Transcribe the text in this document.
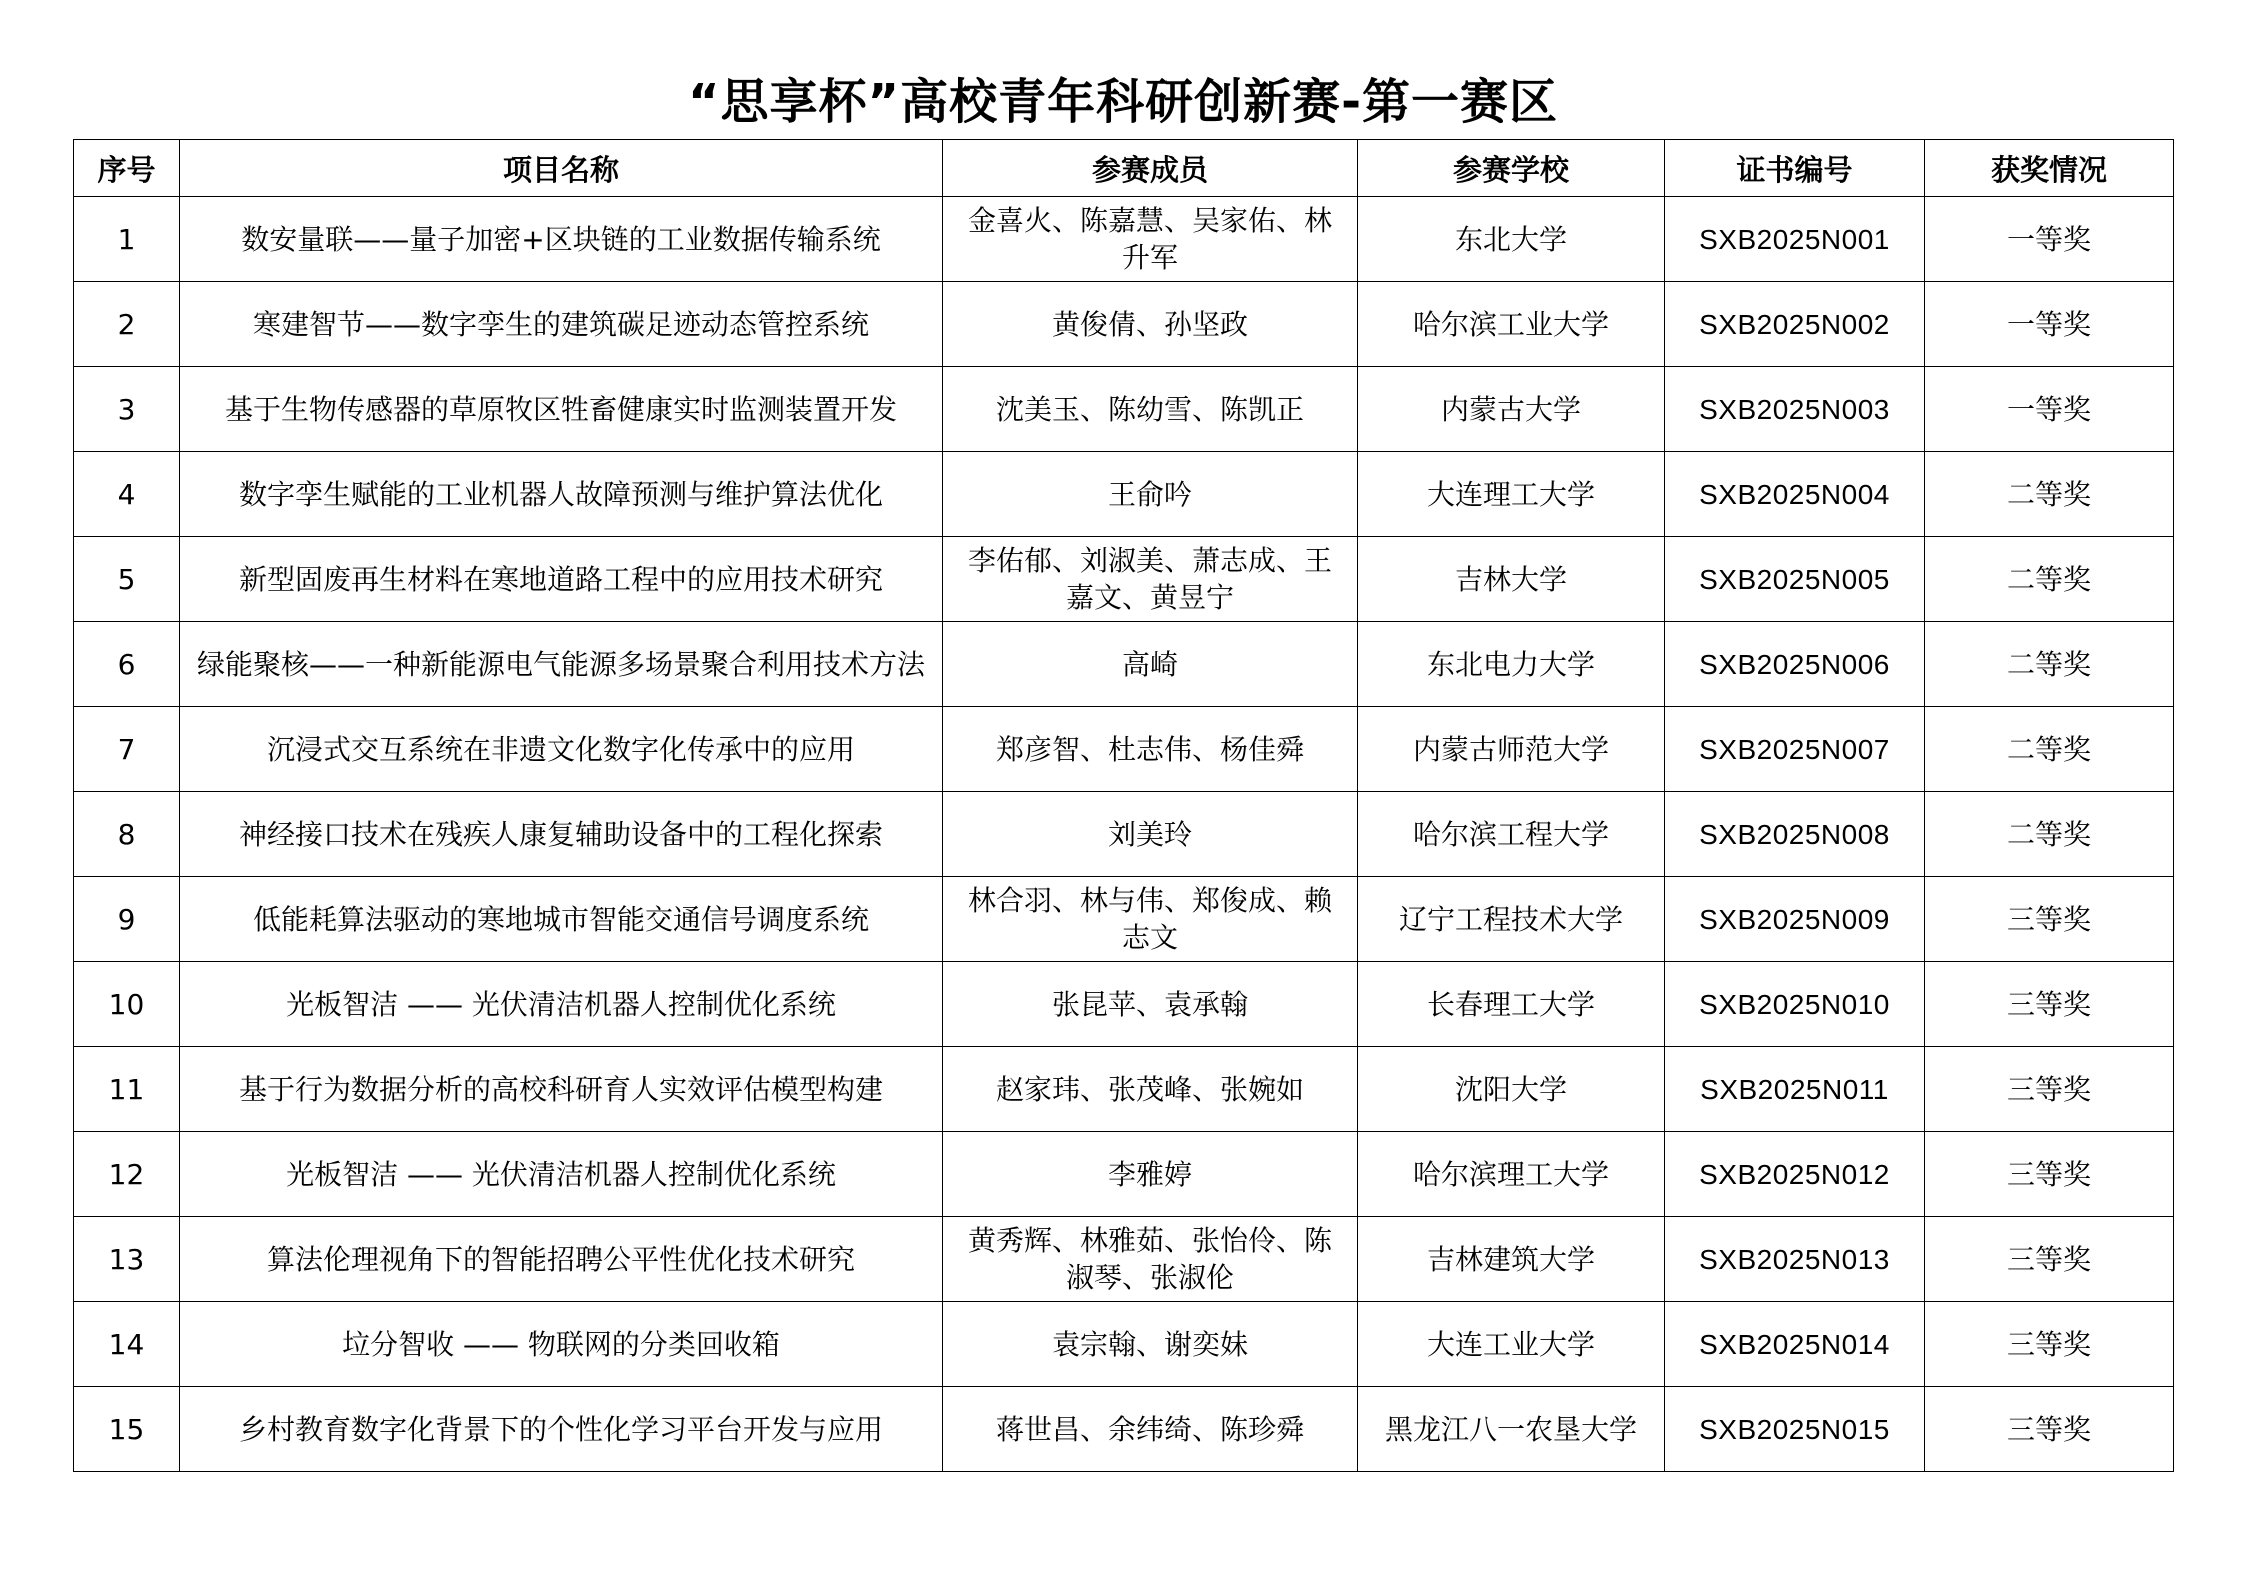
“思享杯”高校青年科研创新赛-第一赛区
序号	项目名称	参赛成员	参赛学校	证书编号	获奖情况
1	数安量联——量子加密+区块链的工业数据传输系统	金喜火、陈嘉慧、吴家佑、林升军	东北大学	SXB2025N001	一等奖
2	寒建智节——数字孪生的建筑碳足迹动态管控系统	黄俊倩、孙坚政	哈尔滨工业大学	SXB2025N002	一等奖
3	基于生物传感器的草原牧区牲畜健康实时监测装置开发	沈美玉、陈幼雪、陈凯正	内蒙古大学	SXB2025N003	一等奖
4	数字孪生赋能的工业机器人故障预测与维护算法优化	王俞吟	大连理工大学	SXB2025N004	二等奖
5	新型固废再生材料在寒地道路工程中的应用技术研究	李佑郁、刘淑美、萧志成、王嘉文、黄昱宁	吉林大学	SXB2025N005	二等奖
6	绿能聚核——一种新能源电气能源多场景聚合利用技术方法	高崎	东北电力大学	SXB2025N006	二等奖
7	沉浸式交互系统在非遗文化数字化传承中的应用	郑彦智、杜志伟、杨佳舜	内蒙古师范大学	SXB2025N007	二等奖
8	神经接口技术在残疾人康复辅助设备中的工程化探索	刘美玲	哈尔滨工程大学	SXB2025N008	二等奖
9	低能耗算法驱动的寒地城市智能交通信号调度系统	林合羽、林与伟、郑俊成、赖志文	辽宁工程技术大学	SXB2025N009	三等奖
10	光板智洁 —— 光伏清洁机器人控制优化系统	张昆苹、袁承翰	长春理工大学	SXB2025N010	三等奖
11	基于行为数据分析的高校科研育人实效评估模型构建	赵家玮、张茂峰、张婉如	沈阳大学	SXB2025N011	三等奖
12	光板智洁 —— 光伏清洁机器人控制优化系统	李雅婷	哈尔滨理工大学	SXB2025N012	三等奖
13	算法伦理视角下的智能招聘公平性优化技术研究	黄秀辉、林雅茹、张怡伶、陈淑琴、张淑伦	吉林建筑大学	SXB2025N013	三等奖
14	垃分智收 —— 物联网的分类回收箱	袁宗翰、谢奕妹	大连工业大学	SXB2025N014	三等奖
15	乡村教育数字化背景下的个性化学习平台开发与应用	蒋世昌、余纬绮、陈珍舜	黑龙江八一农垦大学	SXB2025N015	三等奖
